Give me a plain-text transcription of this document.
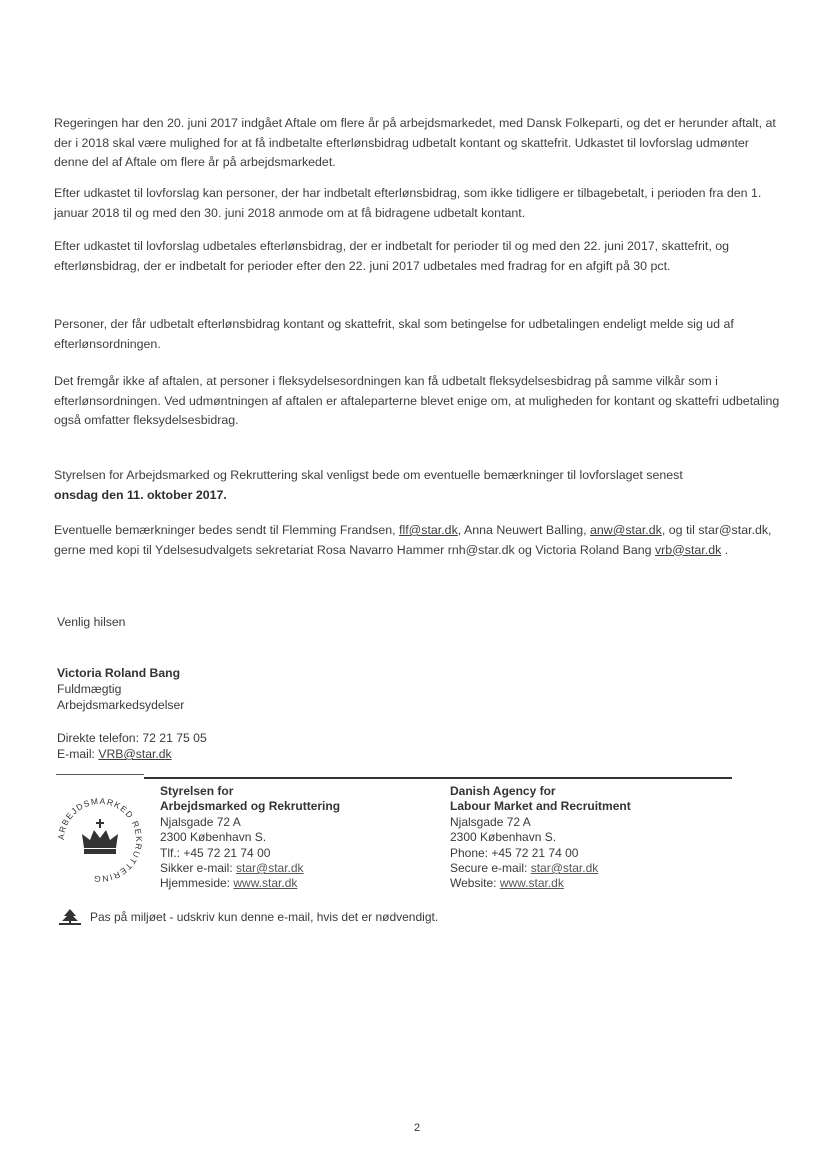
Regeringen har den 20. juni 2017 indgået Aftale om flere år på arbejdsmarkedet, med Dansk Folkeparti, og det er herunder aftalt, at der i 2018 skal være mulighed for at få indbetalte efterlønsbidrag udbetalt kontant og skattefrit. Udkastet til lovforslag udmønter denne del af Aftale om flere år på arbejdsmarkedet.

Efter udkastet til lovforslag kan personer, der har indbetalt efterlønsbidrag, som ikke tidligere er tilbagebetalt, i perioden fra den 1. januar 2018 til og med den 30. juni 2018 anmode om at få bidragene udbetalt kontant.

Efter udkastet til lovforslag udbetales efterlønsbidrag, der er indbetalt for perioder til og med den 22. juni 2017, skattefrit, og efterlønsbidrag, der er indbetalt for perioder efter den 22. juni 2017 udbetales med fradrag for en afgift på 30 pct.

Personer, der får udbetalt efterlønsbidrag kontant og skattefrit, skal som betingelse for udbetalingen endeligt melde sig ud af efterlønsordningen.

Det fremgår ikke af aftalen, at personer i fleksydelsesordningen kan få udbetalt fleksydelsesbidrag på samme vilkår som i efterlønsordningen. Ved udmøntningen af aftalen er aftaleparterne blevet enige om, at muligheden for kontant og skattefri udbetaling også omfatter fleksydelsesbidrag.

Styrelsen for Arbejdsmarked og Rekruttering skal venligst bede om eventuelle bemærkninger til lovforslaget senest
onsdag den 11. oktober 2017.

Eventuelle bemærkninger bedes sendt til Flemming Frandsen, flf@star.dk, Anna Neuwert Balling, anw@star.dk, og til star@star.dk, gerne med kopi til Ydelsesudvalgets sekretariat Rosa Navarro Hammer rnh@star.dk og Victoria Roland Bang vrb@star.dk .

Venlig hilsen
Victoria Roland Bang
Fuldmægtig
Arbejdsmarkedsydelser
Direkte telefon: 72 21 75 05
E-mail: VRB@star.dk
ARBEJDSMARKED REKRUTTERING
Styrelsen for
Arbejdsmarked og Rekruttering
Njalsgade 72 A
2300 København S.
Tlf.: +45 72 21 74 00
Sikker e-mail: star@star.dk
Hjemmeside: www.star.dk
Danish Agency for
Labour Market and Recruitment
Njalsgade 72 A
2300 København S.
Phone: +45 72 21 74 00
Secure e-mail: star@star.dk
Website: www.star.dk
Pas på miljøet - udskriv kun denne e-mail, hvis det er nødvendigt.
2
